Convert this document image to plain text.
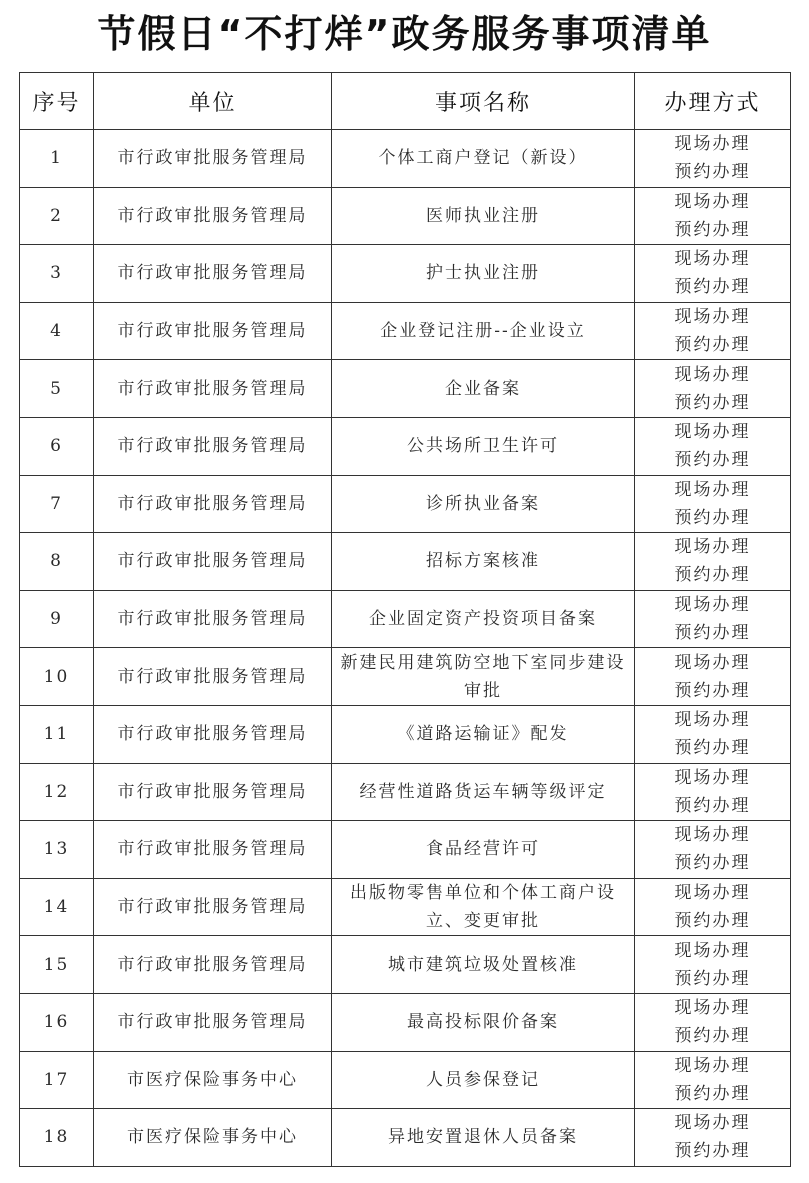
节假日“不打烊”政务服务事项清单
序号	单位	事项名称	办理方式
1	市行政审批服务管理局	个体工商户登记（新设）	现场办理
预约办理

2	市行政审批服务管理局	医师执业注册	现场办理
预约办理

3	市行政审批服务管理局	护士执业注册	现场办理
预约办理

4	市行政审批服务管理局	企业登记注册--企业设立	现场办理
预约办理

5	市行政审批服务管理局	企业备案	现场办理
预约办理

6	市行政审批服务管理局	公共场所卫生许可	现场办理
预约办理

7	市行政审批服务管理局	诊所执业备案	现场办理
预约办理

8	市行政审批服务管理局	招标方案核准	现场办理
预约办理

9	市行政审批服务管理局	企业固定资产投资项目备案	现场办理
预约办理

10	市行政审批服务管理局	新建民用建筑防空地下室同步建设审批	现场办理
预约办理

11	市行政审批服务管理局	《道路运输证》配发	现场办理
预约办理

12	市行政审批服务管理局	经营性道路货运车辆等级评定	现场办理
预约办理

13	市行政审批服务管理局	食品经营许可	现场办理
预约办理

14	市行政审批服务管理局	出版物零售单位和个体工商户设立、变更审批	现场办理
预约办理

15	市行政审批服务管理局	城市建筑垃圾处置核准	现场办理
预约办理

16	市行政审批服务管理局	最高投标限价备案	现场办理
预约办理

17	市医疗保险事务中心	人员参保登记	现场办理
预约办理

18	市医疗保险事务中心	异地安置退休人员备案	现场办理
预约办理
